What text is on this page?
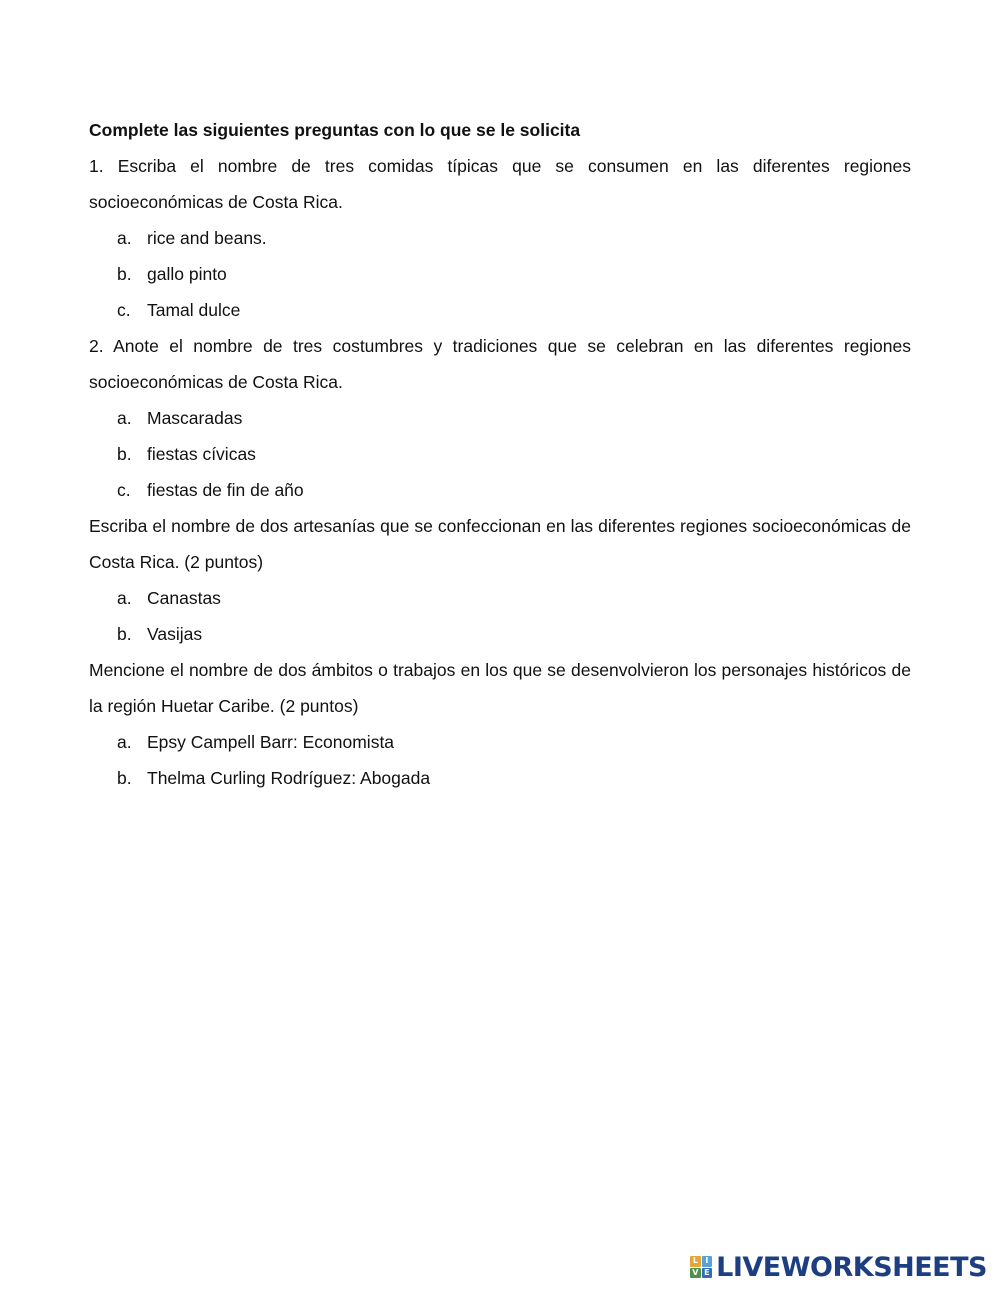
Complete las siguientes preguntas con lo que se le solicita

1. Escriba el nombre de tres comidas típicas que se consumen en las diferentes regiones socioeconómicas de Costa Rica.

a. rice and beans.
b. gallo pinto
c. Tamal dulce

2. Anote el nombre de tres costumbres y tradiciones que se celebran en las diferentes regiones socioeconómicas de Costa Rica.

a. Mascaradas
b. fiestas cívicas
c. fiestas de fin de año

Escriba el nombre de dos artesanías que se confeccionan en las diferentes regiones socioeconómicas de Costa Rica. (2 puntos)

a. Canastas
b. Vasijas

Mencione el nombre de dos ámbitos o trabajos en los que se desenvolvieron los personajes históricos de la región Huetar Caribe. (2 puntos)

a. Epsy Campell Barr: Economista
b. Thelma Curling Rodríguez: Abogada
L I
V E LIVEWORKSHEETS
